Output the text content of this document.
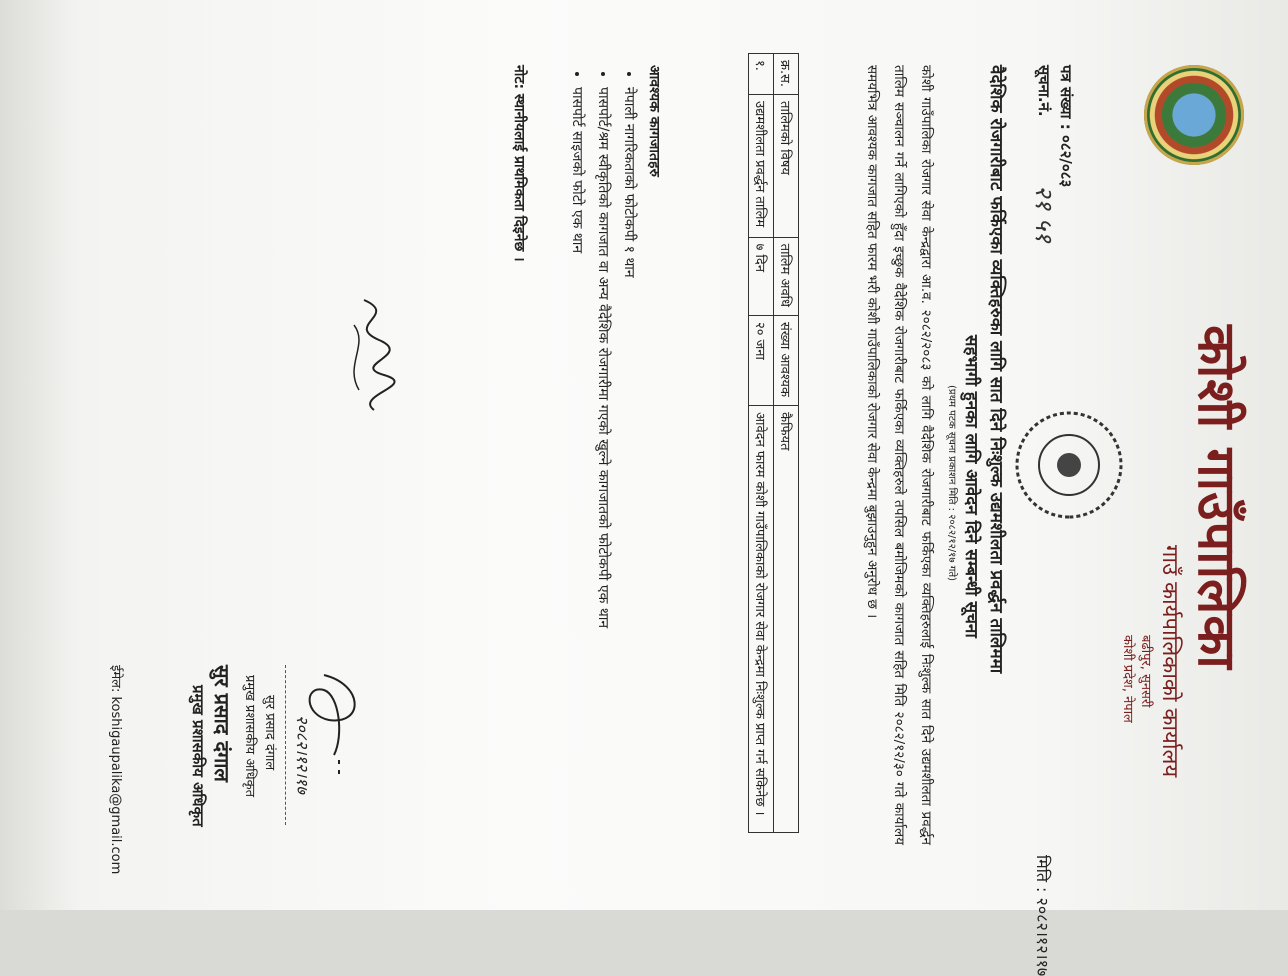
कोशी गाउँपालिका
गाउँ कार्यपालिकाको कार्यालय
बढीपुर, सुनसरी
कोशी प्रदेश, नेपाल
मिति : २०८२।१२।१७
पत्र संख्या : ०८२/०८३
सूचना.नं.
२१ ५१
वैदेशिक रोजगारीबाट फर्किएका व्यक्तिहरुका लागि सात दिने निःशुल्क उद्यमशीलता प्रवर्द्धन तालिममा
सहभागी हुनका लागि आवेदन दिने सम्बन्धी सूचना
(प्रथम पटक सूचना प्रकाशन मिति : २०८२/१२/१७ गते)
कोशी गाउँपालिका रोजगार सेवा केन्द्रद्वारा आ.व. २०८२/२०८३ को लागि वैदेशिक रोजगारीबाट फर्किएका व्यक्तिहरुलाई निःशुल्क सात दिने उद्यमशीलता प्रवर्द्धन तालिम सञ्चालन गर्ने लागिएको हुँदा इच्छुक वैदेशिक रोजगारीबाट फर्किएका व्यक्तिहरुले तपसिल बमोजिमको कागजात सहित मिति २०८२/१२/३० गते कार्यालय समयभित्र आवश्यक कागजात सहित फारम भरी कोशी गाउँपालिकाको रोजगार सेवा केन्द्रमा बुझाउनुहुन अनुरोध छ ।
क्र.स.	तालिमको विषय	तालिम अवधि	संख्या आवश्यक	कैफियत
१.	उद्यमशीलता प्रवर्द्धन तालिम	७ दिन	२० जना	आवेदन फारम कोशी गाउँपालिकाको रोजगार सेवा केन्द्रमा निःशुल्क प्राप्त गर्न सकिनेछ ।
आवश्यक कागजातहरु
• नेपाली नागरिकताको फोटोकपी १ थान
• पासपोर्ट/श्रम स्वीकृतिको कागजात वा अन्य वैदेशिक रोजगारीमा गएको खुल्ने कागजातको फोटोकपी एक थान
• पासपोर्ट साइजको फोटो एक थान
नोट: स्थानीयलाई प्राथमिकता दिइनेछ ।
२०८२।१२।१७
सुर प्रसाद दंगाल
प्रमुख प्रशासकीय अधिकृत
सुर प्रसाद दंगाल
प्रमुख प्रशासकीय अधिकृत
ईमेल: koshigaupalika@gmail.com
